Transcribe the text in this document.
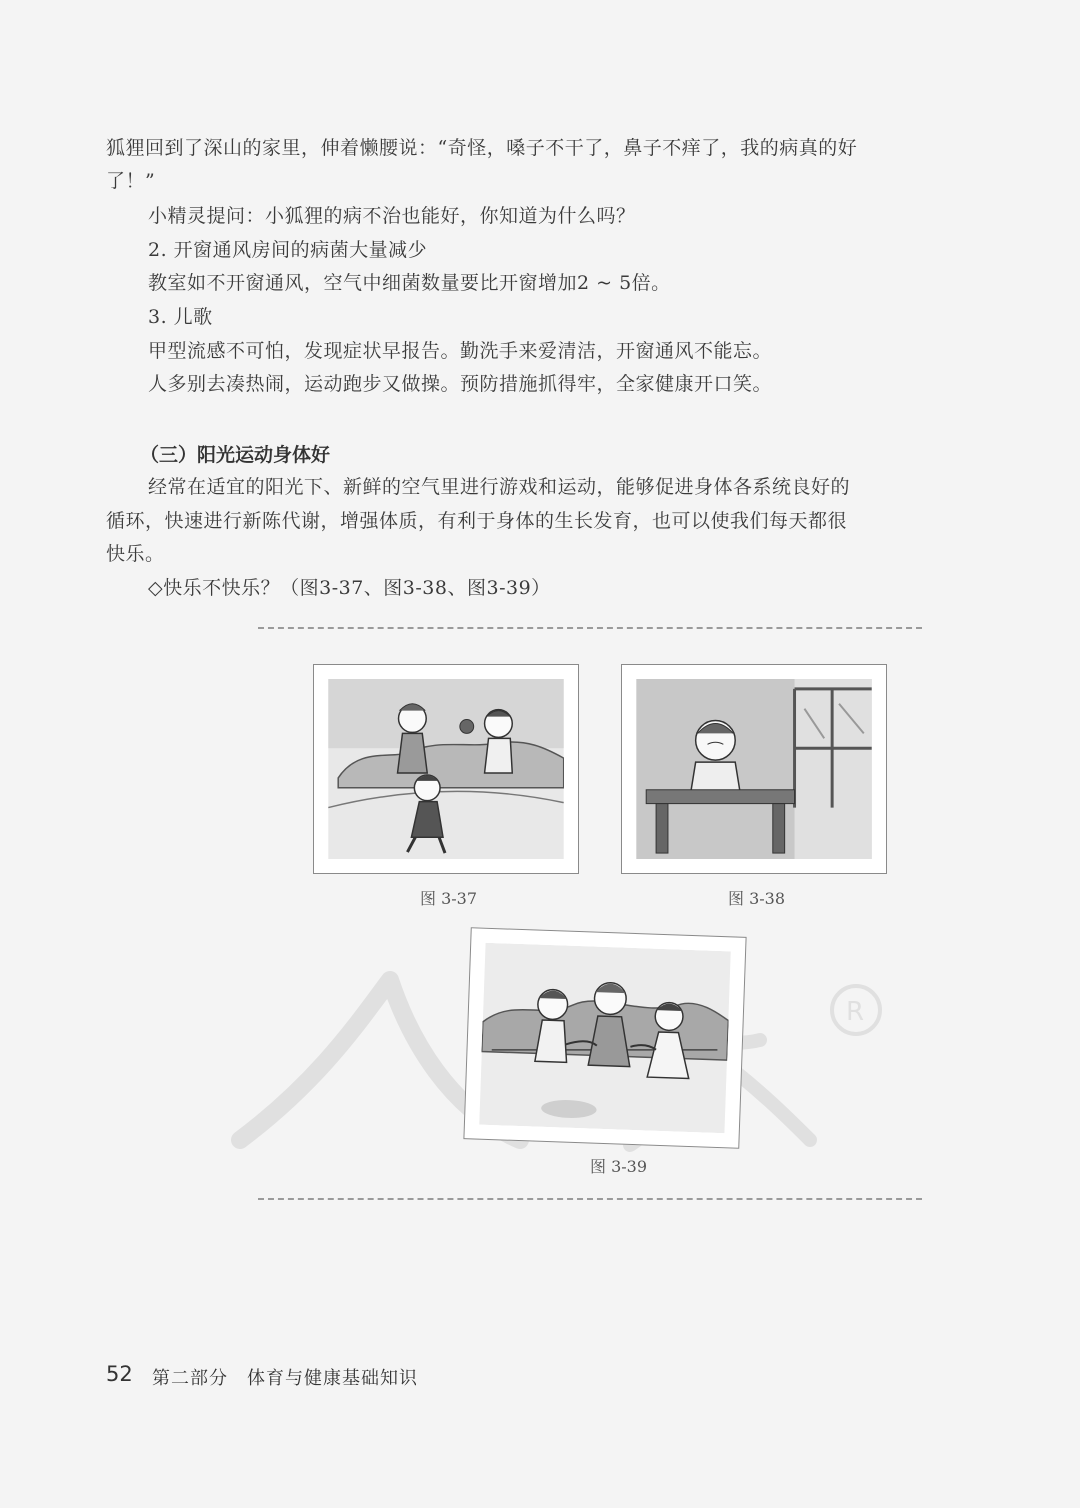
R
狐狸回到了深山的家里，伸着懒腰说：“奇怪，嗓子不干了，鼻子不痒了，我的病真的好
了！”
小精灵提问：小狐狸的病不治也能好，你知道为什么吗？
2. 开窗通风房间的病菌大量减少
教室如不开窗通风，空气中细菌数量要比开窗增加2 ~ 5倍。
3. 儿歌
甲型流感不可怕，发现症状早报告。勤洗手来爱清洁，开窗通风不能忘。
人多别去凑热闹，运动跑步又做操。预防措施抓得牢，全家健康开口笑。
（三）阳光运动身体好
经常在适宜的阳光下、新鲜的空气里进行游戏和运动，能够促进身体各系统良好的
循环，快速进行新陈代谢，增强体质，有利于身体的生长发育，也可以使我们每天都很
快乐。
◇快乐不快乐？（图3-37、图3-38、图3-39）
图 3-37	图 3-38
图 3-39
52 第二部分　体育与健康基础知识
